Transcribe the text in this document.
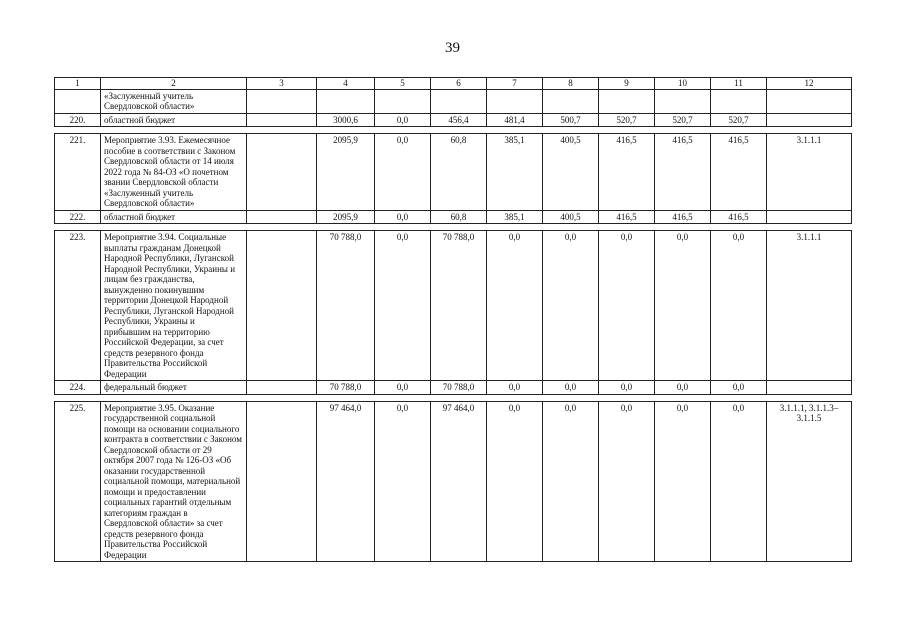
39
1	2	3	4	5	6	7	8	9	10	11	12
	«Заслуженный учитель Свердловской области»										
220.	областной бюджет		3000,6	0,0	456,4	481,4	500,7	520,7	520,7	520,7	

221.	Мероприятие 3.93. Ежемесячное пособие в соответствии с Законом Свердловской области от 14 июля 2022 года № 84-ОЗ «О почетном звании Свердловской области «Заслуженный учитель Свердловской области»		2095,9	0,0	60,8	385,1	400,5	416,5	416,5	416,5	3.1.1.1
222.	областной бюджет		2095,9	0,0	60,8	385,1	400,5	416,5	416,5	416,5	

223.	Мероприятие 3.94. Социальные выплаты гражданам Донецкой Народной Республики, Луганской Народной Республики, Украины и лицам без гражданства, вынужденно покинувшим территории Донецкой Народной Республики, Луганской Народной Республики, Украины и прибывшим на территорию Российской Федерации, за счет средств резервного фонда Правительства Российской Федерации		70 788,0	0,0	70 788,0	0,0	0,0	0,0	0,0	0,0	3.1.1.1
224.	федеральный бюджет		70 788,0	0,0	70 788,0	0,0	0,0	0,0	0,0	0,0	

225.	Мероприятие 3.95. Оказание государственной социальной помощи на основании социального контракта в соответствии с Законом Свердловской области от 29 октября 2007 года № 126-ОЗ «Об оказании государственной социальной помощи, материальной помощи и предоставлении социальных гарантий отдельным категориям граждан в Свердловской области» за счет средств резервного фонда Правительства Российской Федерации		97 464,0	0,0	97 464,0	0,0	0,0	0,0	0,0	0,0	3.1.1.1, 3.1.1.3–3.1.1.5
